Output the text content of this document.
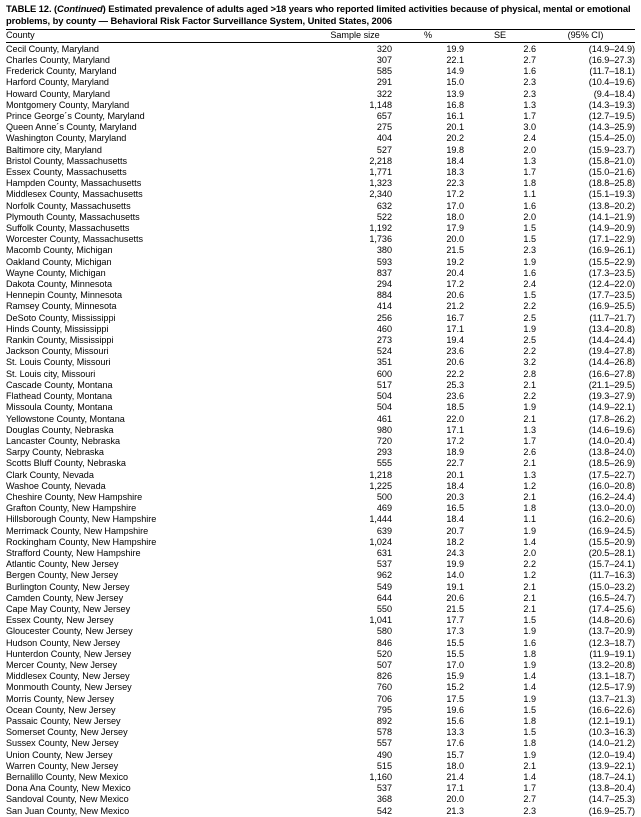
TABLE 12. (Continued) Estimated prevalence of adults aged >18 years who reported limited activities because of physical, mental or emotional problems, by county — Behavioral Risk Factor Surveillance System, United States, 2006
County	Sample size	%	SE	(95% CI)
Cecil County, Maryland	320	19.9	2.6	(14.9–24.9)
Charles County, Maryland	307	22.1	2.7	(16.9–27.3)
Frederick County, Maryland	585	14.9	1.6	(11.7–18.1)
Harford County, Maryland	291	15.0	2.3	(10.4–19.6)
Howard County, Maryland	322	13.9	2.3	(9.4–18.4)
Montgomery County, Maryland	1,148	16.8	1.3	(14.3–19.3)
Prince George´s County, Maryland	657	16.1	1.7	(12.7–19.5)
Queen Anne´s County, Maryland	275	20.1	3.0	(14.3–25.9)
Washington County, Maryland	404	20.2	2.4	(15.4–25.0)
Baltimore city, Maryland	527	19.8	2.0	(15.9–23.7)
Bristol County, Massachusetts	2,218	18.4	1.3	(15.8–21.0)
Essex County, Massachusetts	1,771	18.3	1.7	(15.0–21.6)
Hampden County, Massachusetts	1,323	22.3	1.8	(18.8–25.8)
Middlesex County, Massachusetts	2,340	17.2	1.1	(15.1–19.3)
Norfolk County, Massachusetts	632	17.0	1.6	(13.8–20.2)
Plymouth County, Massachusetts	522	18.0	2.0	(14.1–21.9)
Suffolk County, Massachusetts	1,192	17.9	1.5	(14.9–20.9)
Worcester County, Massachusetts	1,736	20.0	1.5	(17.1–22.9)
Macomb County, Michigan	380	21.5	2.3	(16.9–26.1)
Oakland County, Michigan	593	19.2	1.9	(15.5–22.9)
Wayne County, Michigan	837	20.4	1.6	(17.3–23.5)
Dakota County, Minnesota	294	17.2	2.4	(12.4–22.0)
Hennepin County, Minnesota	884	20.6	1.5	(17.7–23.5)
Ramsey County, Minnesota	414	21.2	2.2	(16.9–25.5)
DeSoto County, Mississippi	256	16.7	2.5	(11.7–21.7)
Hinds County, Mississippi	460	17.1	1.9	(13.4–20.8)
Rankin County, Mississippi	273	19.4	2.5	(14.4–24.4)
Jackson County, Missouri	524	23.6	2.2	(19.4–27.8)
St. Louis County, Missouri	351	20.6	3.2	(14.4–26.8)
St. Louis city, Missouri	600	22.2	2.8	(16.6–27.8)
Cascade County, Montana	517	25.3	2.1	(21.1–29.5)
Flathead County, Montana	504	23.6	2.2	(19.3–27.9)
Missoula County, Montana	504	18.5	1.9	(14.9–22.1)
Yellowstone County, Montana	461	22.0	2.1	(17.8–26.2)
Douglas County, Nebraska	980	17.1	1.3	(14.6–19.6)
Lancaster County, Nebraska	720	17.2	1.7	(14.0–20.4)
Sarpy County, Nebraska	293	18.9	2.6	(13.8–24.0)
Scotts Bluff County, Nebraska	555	22.7	2.1	(18.5–26.9)
Clark County, Nevada	1,218	20.1	1.3	(17.5–22.7)
Washoe County, Nevada	1,225	18.4	1.2	(16.0–20.8)
Cheshire County, New Hampshire	500	20.3	2.1	(16.2–24.4)
Grafton County, New Hampshire	469	16.5	1.8	(13.0–20.0)
Hillsborough County, New Hampshire	1,444	18.4	1.1	(16.2–20.6)
Merrimack County, New Hampshire	639	20.7	1.9	(16.9–24.5)
Rockingham County, New Hampshire	1,024	18.2	1.4	(15.5–20.9)
Strafford County, New Hampshire	631	24.3	2.0	(20.5–28.1)
Atlantic County, New Jersey	537	19.9	2.2	(15.7–24.1)
Bergen County, New Jersey	962	14.0	1.2	(11.7–16.3)
Burlington County, New Jersey	549	19.1	2.1	(15.0–23.2)
Camden County, New Jersey	644	20.6	2.1	(16.5–24.7)
Cape May County, New Jersey	550	21.5	2.1	(17.4–25.6)
Essex County, New Jersey	1,041	17.7	1.5	(14.8–20.6)
Gloucester County, New Jersey	580	17.3	1.9	(13.7–20.9)
Hudson County, New Jersey	846	15.5	1.6	(12.3–18.7)
Hunterdon County, New Jersey	520	15.5	1.8	(11.9–19.1)
Mercer County, New Jersey	507	17.0	1.9	(13.2–20.8)
Middlesex County, New Jersey	826	15.9	1.4	(13.1–18.7)
Monmouth County, New Jersey	760	15.2	1.4	(12.5–17.9)
Morris County, New Jersey	706	17.5	1.9	(13.7–21.3)
Ocean County, New Jersey	795	19.6	1.5	(16.6–22.6)
Passaic County, New Jersey	892	15.6	1.8	(12.1–19.1)
Somerset County, New Jersey	578	13.3	1.5	(10.3–16.3)
Sussex County, New Jersey	557	17.6	1.8	(14.0–21.2)
Union County, New Jersey	490	15.7	1.9	(12.0–19.4)
Warren County, New Jersey	515	18.0	2.1	(13.9–22.1)
Bernalillo County, New Mexico	1,160	21.4	1.4	(18.7–24.1)
Dona Ana County, New Mexico	537	17.1	1.7	(13.8–20.4)
Sandoval County, New Mexico	368	20.0	2.7	(14.7–25.3)
San Juan County, New Mexico	542	21.3	2.3	(16.9–25.7)
